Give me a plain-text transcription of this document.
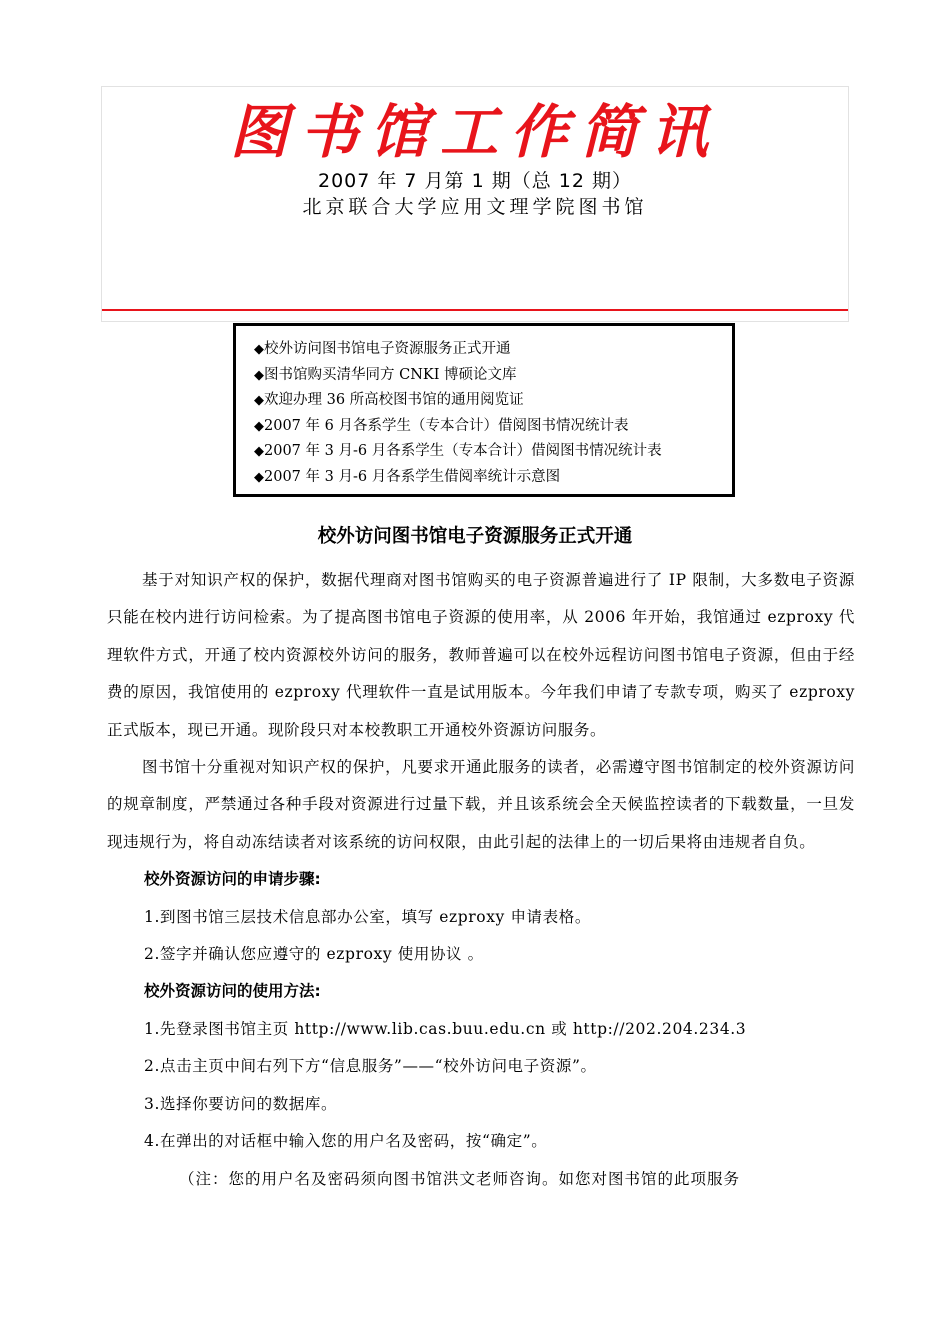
图书馆工作简讯
2007 年 7 月第 1 期（总 12 期）
北京联合大学应用文理学院图书馆
◆校外访问图书馆电子资源服务正式开通
◆图书馆购买清华同方 CNKI 博硕论文库
◆欢迎办理 36 所高校图书馆的通用阅览证
◆2007 年 6 月各系学生（专本合计）借阅图书情况统计表
◆2007 年 3 月-6 月各系学生（专本合计）借阅图书情况统计表
◆2007 年 3 月-6 月各系学生借阅率统计示意图
校外访问图书馆电子资源服务正式开通

基于对知识产权的保护，数据代理商对图书馆购买的电子资源普遍进行了 IP 限制，大多数电子资源只能在校内进行访问检索。为了提高图书馆电子资源的使用率，从 2006 年开始，我馆通过 ezproxy 代理软件方式，开通了校内资源校外访问的服务，教师普遍可以在校外远程访问图书馆电子资源，但由于经费的原因，我馆使用的 ezproxy 代理软件一直是试用版本。今年我们申请了专款专项，购买了 ezproxy 正式版本，现已开通。现阶段只对本校教职工开通校外资源访问服务。

图书馆十分重视对知识产权的保护，凡要求开通此服务的读者，必需遵守图书馆制定的校外资源访问的规章制度，严禁通过各种手段对资源进行过量下载，并且该系统会全天候监控读者的下载数量，一旦发现违规行为，将自动冻结读者对该系统的访问权限，由此引起的法律上的一切后果将由违规者自负。

校外资源访问的申请步骤:
1.到图书馆三层技术信息部办公室，填写 ezproxy 申请表格。
2.签字并确认您应遵守的 ezproxy 使用协议 。
校外资源访问的使用方法:
1.先登录图书馆主页 http://www.lib.cas.buu.edu.cn 或 http://202.204.234.3
2.点击主页中间右列下方“信息服务”——“校外访问电子资源”。
3.选择你要访问的数据库。
4.在弹出的对话框中输入您的用户名及密码，按“确定”。
（注：您的用户名及密码须向图书馆洪文老师咨询。如您对图书馆的此项服务
